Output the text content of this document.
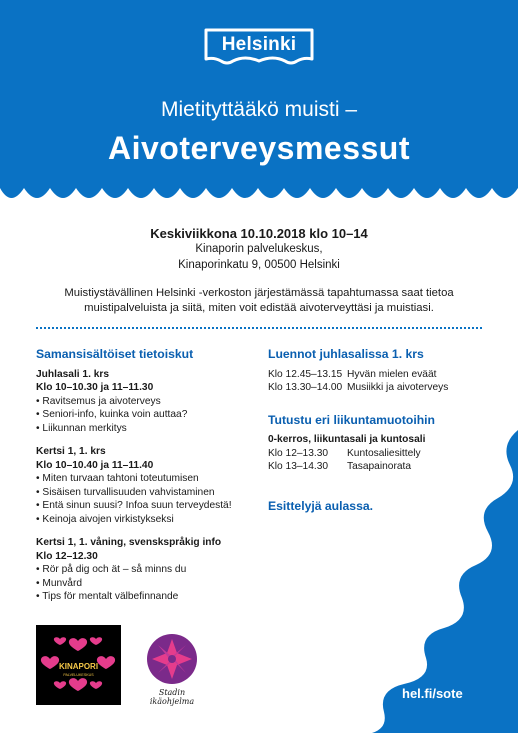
Helsinki
Mietityttääkö muisti –
Aivoterveysmessut
Keskiviikkona 10.10.2018 klo 10–14
Kinaporin palvelukeskus,
Kinaporinkatu 9, 00500 Helsinki
Muistiystävällinen Helsinki -verkoston järjestämässä tapahtumassa saat tietoa
muistipalveluista ja siitä, miten voit edistää aivoterveyttäsi ja muistiasi.
Samansisältöiset tietoiskut
Juhlasali 1. krs
Klo 10–10.30 ja 11–11.30
• Ravitsemus ja aivoterveys
• Seniori-info, kuinka voin auttaa?
• Liikunnan merkitys
Kertsi 1, 1. krs
Klo 10–10.40 ja 11–11.40
• Miten turvaan tahtoni toteutumisen
• Sisäisen turvallisuuden vahvistaminen
• Entä sinun suusi? Infoa suun terveydestä!
• Keinoja aivojen virkistykseksi
Kertsi 1, 1. våning, svenskspråkig info
Klo 12–12.30
• Rör på dig och ät – så minns du
• Munvård
• Tips för mentalt välbefinnande
Luennot juhlasalissa 1. krs
Klo 12.45–13.15 Hyvän mielen eväät
Klo 13.30–14.00 Musiikki ja aivoterveys
Tutustu eri liikuntamuotoihin
0-kerros, liikuntasali ja kuntosali
Klo 12–13.30	Kuntosaliesittely
Klo 13–14.30	Tasapainorata
Esittelyjä aulassa.
KINAPORI
PALVELUKESKUS
Stadin
ikäohjelma
hel.fi/sote
